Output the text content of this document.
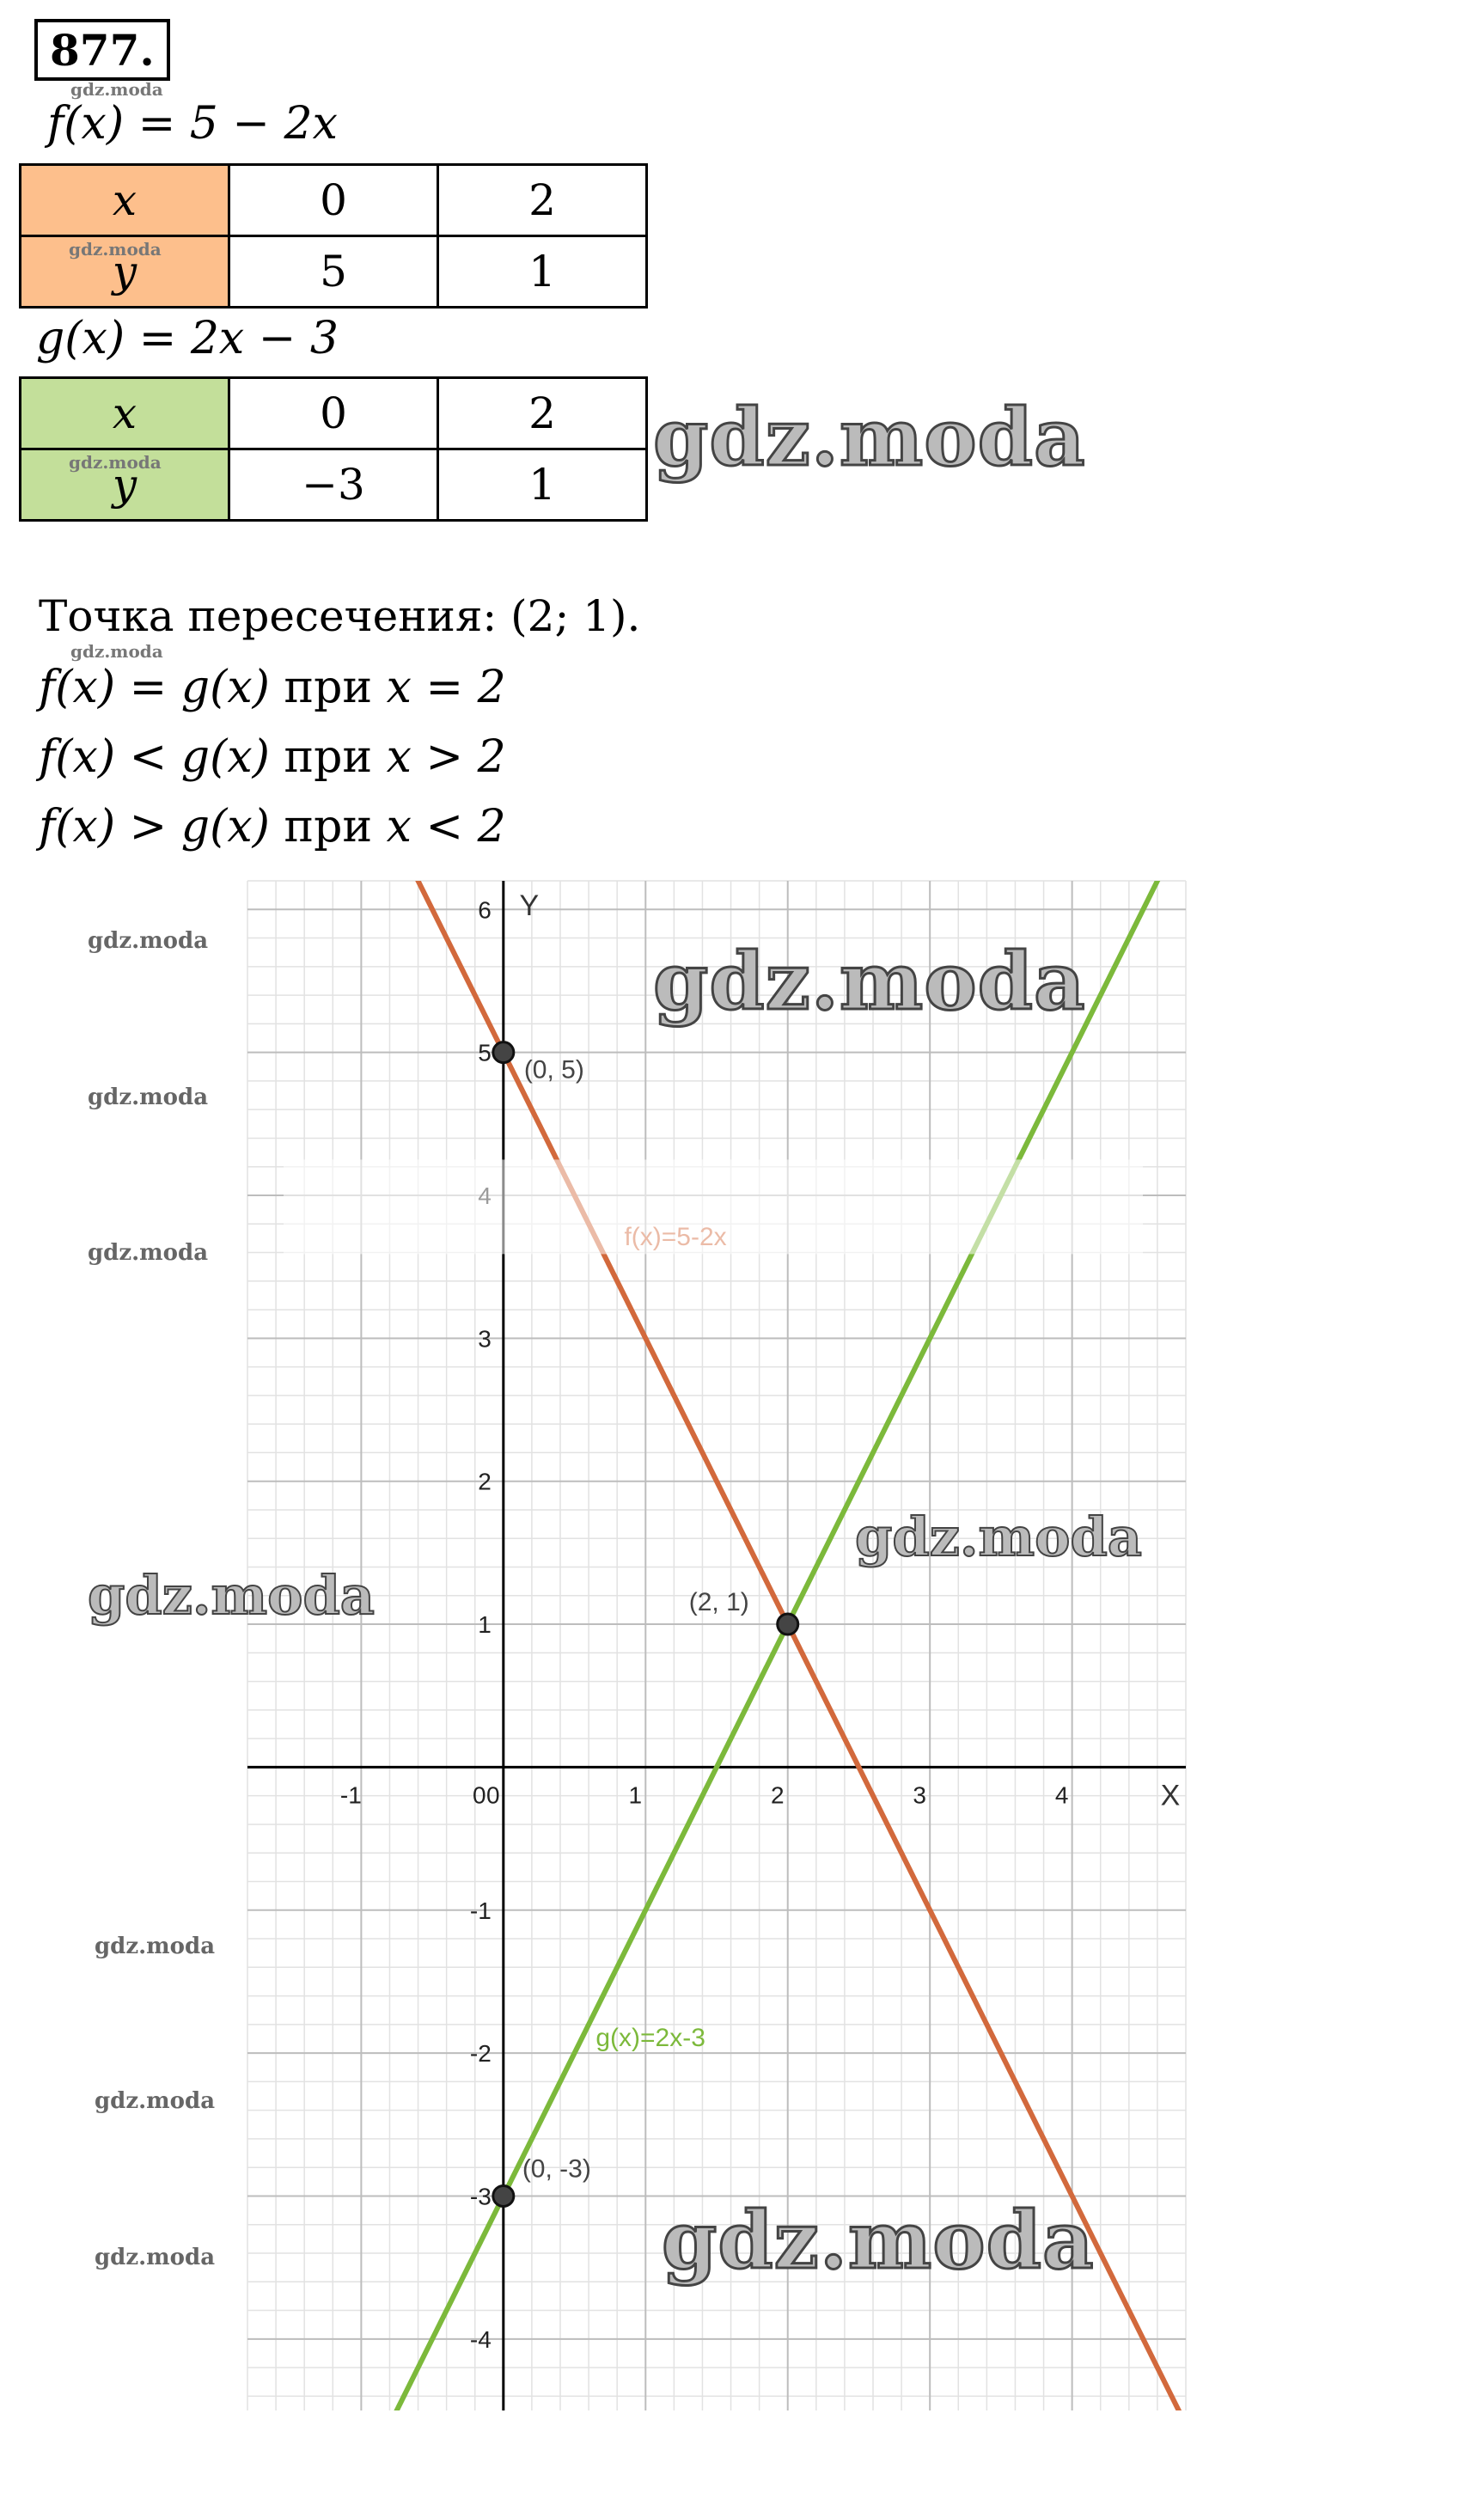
877.
gdz.moda
f(x) = 5 − 2x
x	0	2
y	5	1
gdz.moda
g(x) = 2x − 3
x	0	2
y	−3	1
gdz.moda	gdz.moda
Точка пересечения: (2; 1).
gdz.moda
f(x) = g(x) при x = 2
f(x) < g(x) при x > 2
f(x) > g(x) при x < 2
-1	0	1	2	3	4
0
-4
-3
-2
-1
1
2
3
5
6
X
Y
g(x)=2x-3
(0, 5)
(2, 1)
(0, -3)
gdz.moda
gdz.moda
gdz.moda
gdz.moda
gdz.moda
gdz.moda
gdz.moda
gdz.moda
gdz.moda
gdz.moda
